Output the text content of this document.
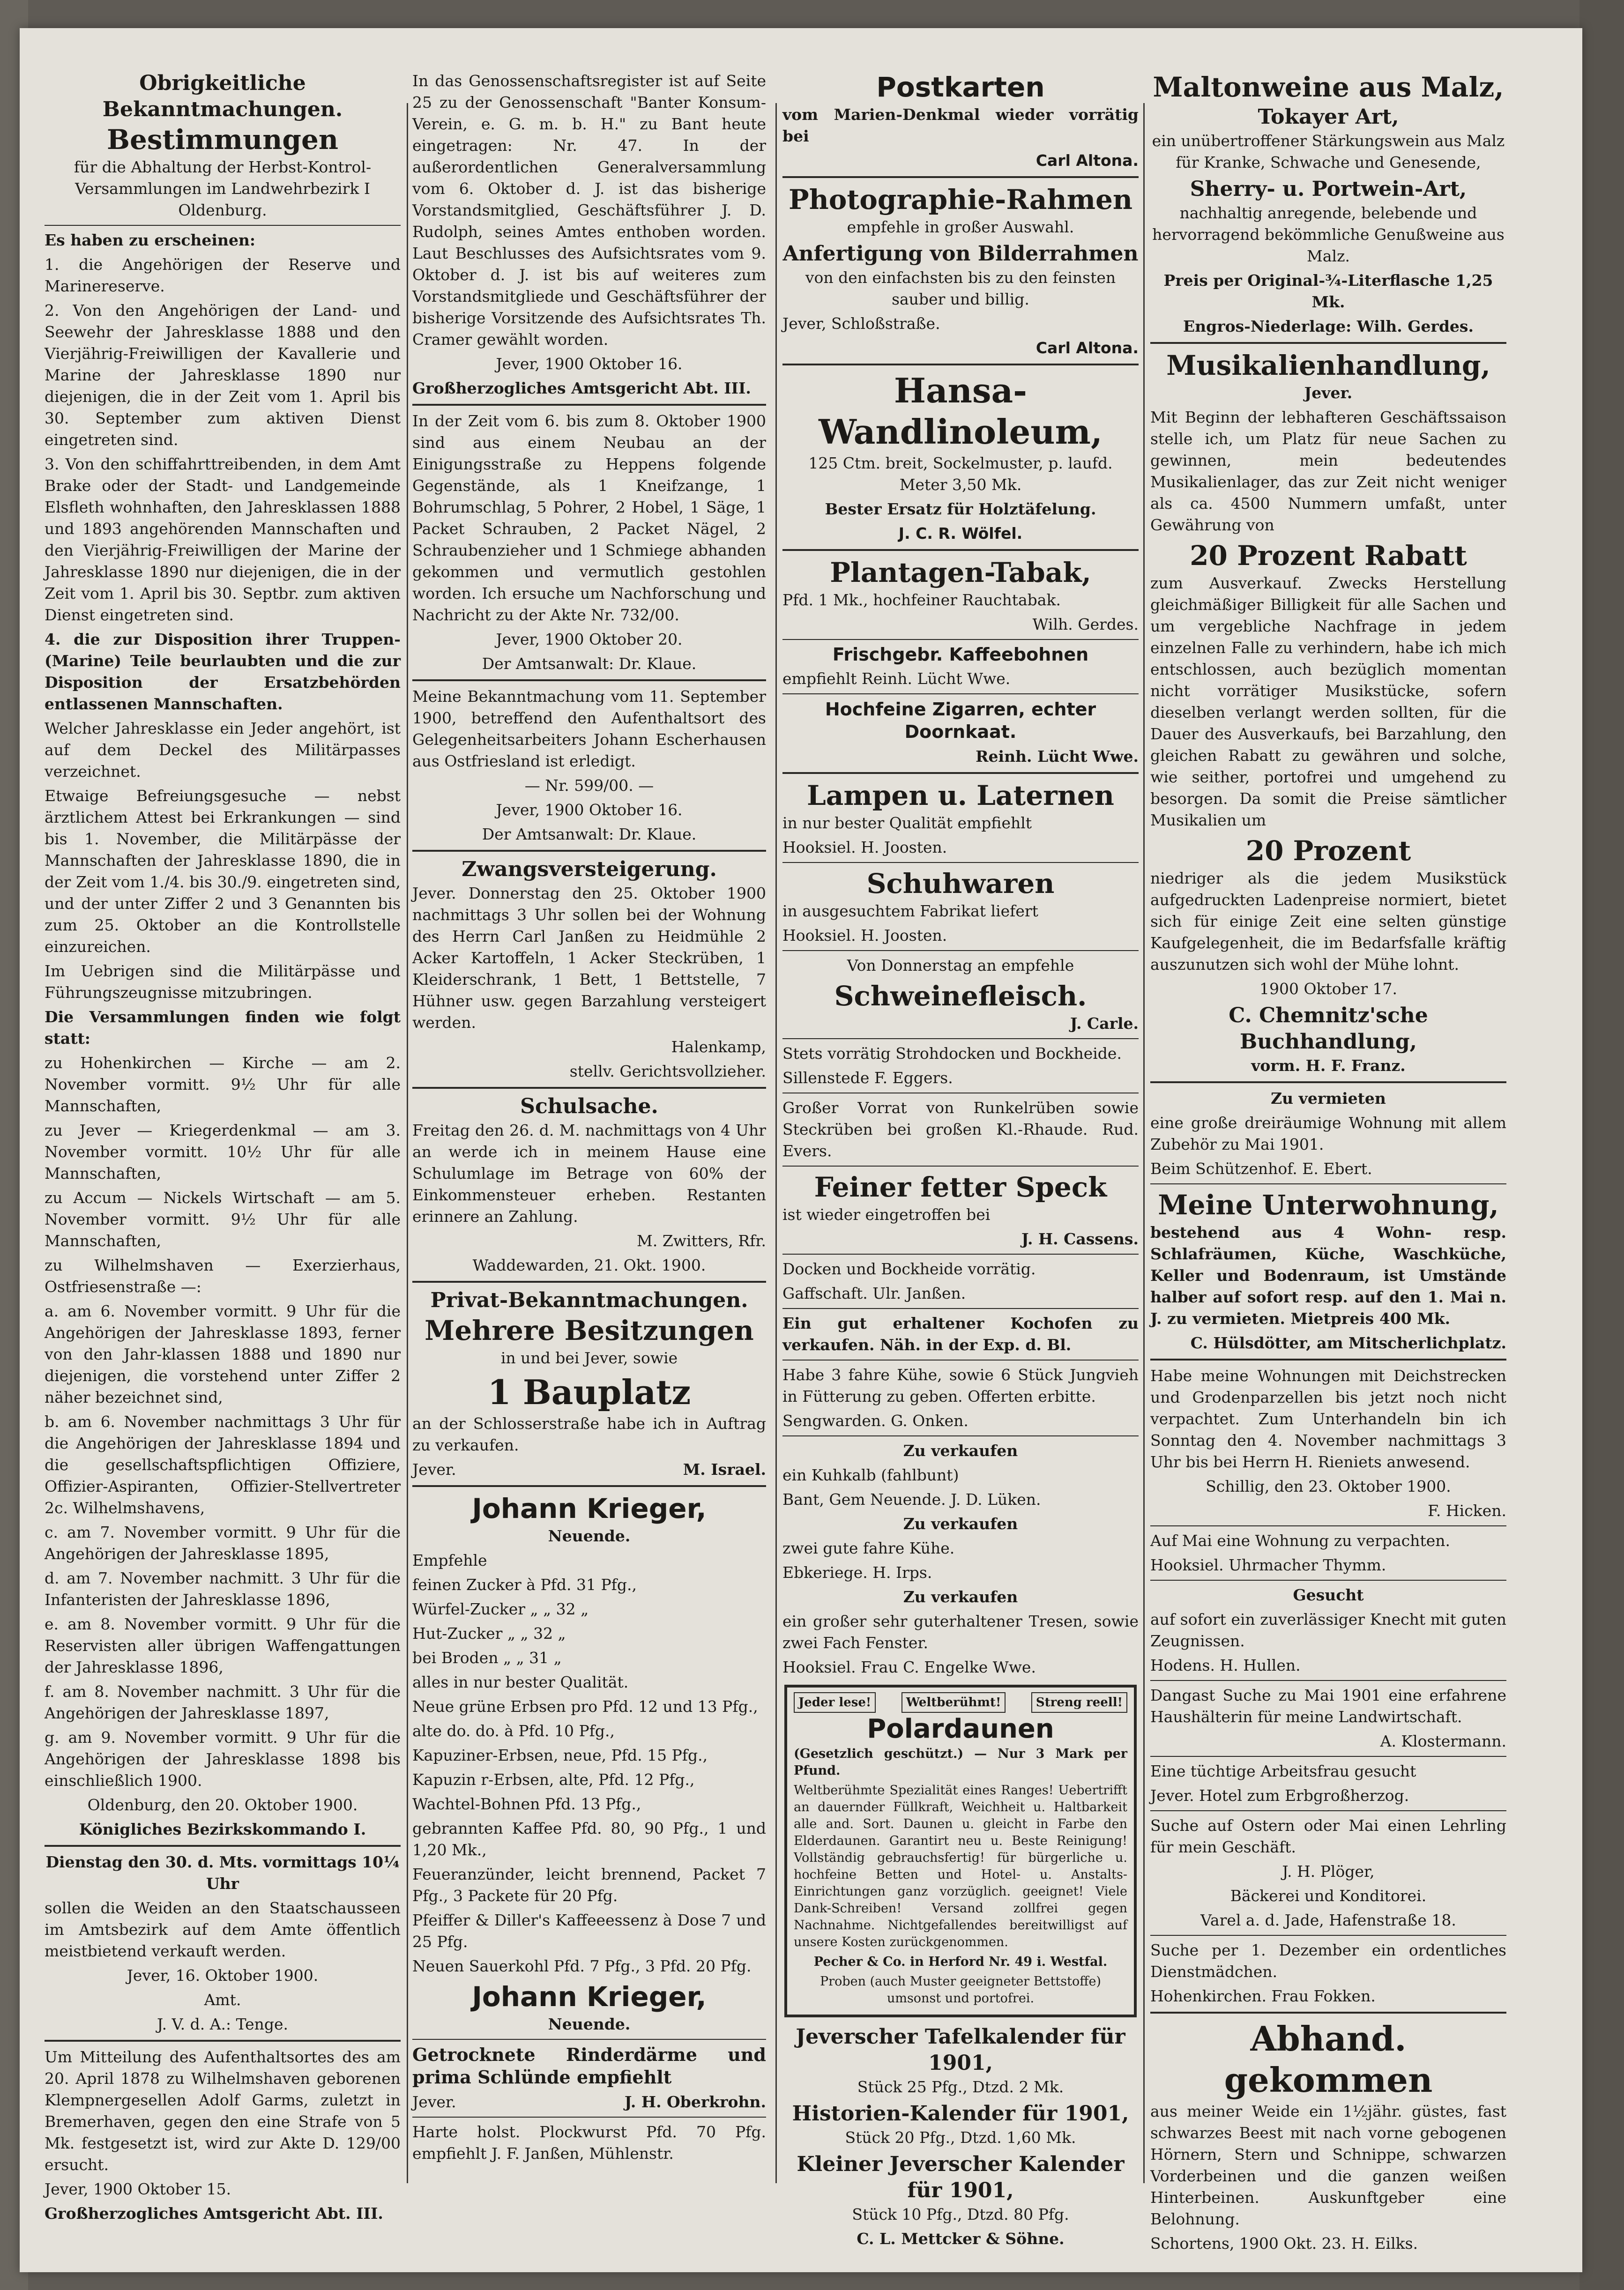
Obrigkeitliche Bekanntmachungen.
Bestimmungen

für die Abhaltung der Herbst-Kontrol-Versammlungen im Landwehrbezirk I Oldenburg.

Es haben zu erscheinen:

1. die Angehörigen der Reserve und Marinereserve.

2. Von den Angehörigen der Land- und Seewehr der Jahresklasse 1888 und den Vierjährig-Freiwilligen der Kavallerie und Marine der Jahresklasse 1890 nur diejenigen, die in der Zeit vom 1. April bis 30. September zum aktiven Dienst eingetreten sind.

3. Von den schiffahrttreibenden, in dem Amt Brake oder der Stadt- und Landgemeinde Elsfleth wohnhaften, den Jahresklassen 1888 und 1893 angehörenden Mannschaften und den Vierjährig-Freiwilligen der Marine der Jahresklasse 1890 nur diejenigen, die in der Zeit vom 1. April bis 30. Septbr. zum aktiven Dienst eingetreten sind.

4. die zur Disposition ihrer Truppen- (Marine) Teile beurlaubten und die zur Disposition der Ersatzbehörden entlassenen Mannschaften.

Welcher Jahresklasse ein Jeder angehört, ist auf dem Deckel des Militärpasses verzeichnet.

Etwaige Befreiungsgesuche — nebst ärztlichem Attest bei Erkrankungen — sind bis 1. November, die Militärpässe der Mannschaften der Jahresklasse 1890, die in der Zeit vom 1./4. bis 30./9. eingetreten sind, und der unter Ziffer 2 und 3 Genannten bis zum 25. Oktober an die Kontrollstelle einzureichen.

Im Uebrigen sind die Militärpässe und Führungszeugnisse mitzubringen.

Die Versammlungen finden wie folgt statt:

zu Hohenkirchen — Kirche — am 2. November vormitt. 9½ Uhr für alle Mannschaften,

zu Jever — Kriegerdenkmal — am 3. November vormitt. 10½ Uhr für alle Mannschaften,

zu Accum — Nickels Wirtschaft — am 5. November vormitt. 9½ Uhr für alle Mannschaften,

zu Wilhelmshaven — Exerzierhaus, Ostfriesenstraße —:

a. am 6. November vormitt. 9 Uhr für die Angehörigen der Jahresklasse 1893, ferner von den Jahr-klassen 1888 und 1890 nur diejenigen, die vorstehend unter Ziffer 2 näher bezeichnet sind,

b. am 6. November nachmittags 3 Uhr für die Angehörigen der Jahresklasse 1894 und die gesellschaftspflichtigen Offiziere, Offizier-Aspiranten, Offizier-Stellvertreter 2c. Wilhelmshavens,

c. am 7. November vormitt. 9 Uhr für die Angehörigen der Jahresklasse 1895,

d. am 7. November nachmitt. 3 Uhr für die Infanteristen der Jahresklasse 1896,

e. am 8. November vormitt. 9 Uhr für die Reservisten aller übrigen Waffengattungen der Jahresklasse 1896,

f. am 8. November nachmitt. 3 Uhr für die Angehörigen der Jahresklasse 1897,

g. am 9. November vormitt. 9 Uhr für die Angehörigen der Jahresklasse 1898 bis einschließlich 1900.

Oldenburg, den 20. Oktober 1900.

Königliches Bezirkskommando I.

Dienstag den 30. d. Mts. vormittags 10¼ Uhr

sollen die Weiden an den Staatschausseen im Amtsbezirk auf dem Amte öffentlich meistbietend verkauft werden.

Jever, 16. Oktober 1900.

Amt.

J. V. d. A.: Tenge.

Um Mitteilung des Aufenthaltsortes des am 20. April 1878 zu Wilhelmshaven geborenen Klempnergesellen Adolf Garms, zuletzt in Bremerhaven, gegen den eine Strafe von 5 Mk. festgesetzt ist, wird zur Akte D. 129/00 ersucht.

Jever, 1900 Oktober 15.

Großherzogliches Amtsgericht Abt. III.

In das Genossenschaftsregister ist auf Seite 25 zu der Genossenschaft "Banter Konsum-Verein, e. G. m. b. H." zu Bant heute eingetragen: Nr. 47. In der außerordentlichen Generalversammlung vom 6. Oktober d. J. ist das bisherige Vorstandsmitglied, Geschäftsführer J. D. Rudolph, seines Amtes enthoben worden. Laut Beschlusses des Aufsichtsrates vom 9. Oktober d. J. ist bis auf weiteres zum Vorstandsmitgliede und Geschäftsführer der bisherige Vorsitzende des Aufsichtsrates Th. Cramer gewählt worden.

Jever, 1900 Oktober 16.

Großherzogliches Amtsgericht Abt. III.

In der Zeit vom 6. bis zum 8. Oktober 1900 sind aus einem Neubau an der Einigungsstraße zu Heppens folgende Gegenstände, als 1 Kneifzange, 1 Bohrumschlag, 5 Pohrer, 2 Hobel, 1 Säge, 1 Packet Schrauben, 2 Packet Nägel, 2 Schraubenzieher und 1 Schmiege abhanden gekommen und vermutlich gestohlen worden. Ich ersuche um Nachforschung und Nachricht zu der Akte Nr. 732/00.

Jever, 1900 Oktober 20.

Der Amtsanwalt: Dr. Klaue.

Meine Bekanntmachung vom 11. September 1900, betreffend den Aufenthaltsort des Gelegenheitsarbeiters Johann Escherhausen aus Ostfriesland ist erledigt.

— Nr. 599/00. —

Jever, 1900 Oktober 16.

Der Amtsanwalt: Dr. Klaue.

Zwangsversteigerung.

Jever. Donnerstag den 25. Oktober 1900 nachmittags 3 Uhr sollen bei der Wohnung des Herrn Carl Janßen zu Heidmühle 2 Acker Kartoffeln, 1 Acker Steckrüben, 1 Kleiderschrank, 1 Bett, 1 Bettstelle, 7 Hühner usw. gegen Barzahlung versteigert werden.

Halenkamp,

stellv. Gerichtsvollzieher.

Schulsache.

Freitag den 26. d. M. nachmittags von 4 Uhr an werde ich in meinem Hause eine Schulumlage im Betrage von 60% der Einkommensteuer erheben. Restanten erinnere an Zahlung.

M. Zwitters, Rfr.

Waddewarden, 21. Okt. 1900.

Privat-Bekanntmachungen.
Mehrere Besitzungen

in und bei Jever, sowie

1 Bauplatz

an der Schlosserstraße habe ich in Auftrag zu verkaufen.

Jever.	M. Israel.
Johann Krieger,

Neuende.

Empfehle

feinen Zucker à Pfd. 31 Pfg.,

Würfel-Zucker „ „ 32 „

Hut-Zucker „ „ 32 „

bei Broden „ „ 31 „

alles in nur bester Qualität.

Neue grüne Erbsen pro Pfd. 12 und 13 Pfg.,

alte do. do. à Pfd. 10 Pfg.,

Kapuziner-Erbsen, neue, Pfd. 15 Pfg.,

Kapuzin r-Erbsen, alte, Pfd. 12 Pfg.,

Wachtel-Bohnen Pfd. 13 Pfg.,

gebrannten Kaffee Pfd. 80, 90 Pfg., 1 und 1,20 Mk.,

Feueranzünder, leicht brennend, Packet 7 Pfg., 3 Packete für 20 Pfg.

Pfeiffer & Diller's Kaffeeessenz à Dose 7 und 25 Pfg.

Neuen Sauerkohl Pfd. 7 Pfg., 3 Pfd. 20 Pfg.

Johann Krieger,

Neuende.

Getrocknete Rinderdärme und prima Schlünde empfiehlt

Jever.	J. H. Oberkrohn.

Harte holst. Plockwurst Pfd. 70 Pfg. empfiehlt J. F. Janßen, Mühlenstr.

Postkarten

vom Marien-Denkmal wieder vorrätig bei

Carl Altona.

Photographie-Rahmen

empfehle in großer Auswahl.

Anfertigung von Bilderrahmen

von den einfachsten bis zu den feinsten sauber und billig.

Jever, Schloßstraße.

Carl Altona.

Hansa-
Wandlinoleum,

125 Ctm. breit, Sockelmuster, p. laufd. Meter 3,50 Mk.

Bester Ersatz für Holztäfelung.

J. C. R. Wölfel.

Plantagen-Tabak,

Pfd. 1 Mk., hochfeiner Rauchtabak.

Wilh. Gerdes.

Frischgebr. Kaffeebohnen

empfiehlt Reinh. Lücht Wwe.

Hochfeine Zigarren, echter Doornkaat.

Reinh. Lücht Wwe.

Lampen u. Laternen

in nur bester Qualität empfiehlt

Hooksiel. H. Joosten.

Schuhwaren

in ausgesuchtem Fabrikat liefert

Hooksiel. H. Joosten.

Von Donnerstag an empfehle

Schweinefleisch.

J. Carle.

Stets vorrätig Strohdocken und Bockheide.

Sillenstede F. Eggers.

Großer Vorrat von Runkelrüben sowie Steckrüben bei großen Kl.-Rhaude. Rud. Evers.

Feiner fetter Speck

ist wieder eingetroffen bei

J. H. Cassens.

Docken und Bockheide vorrätig.

Gaffschaft. Ulr. Janßen.

Ein gut erhaltener Kochofen zu verkaufen. Näh. in der Exp. d. Bl.

Habe 3 fahre Kühe, sowie 6 Stück Jungvieh in Fütterung zu geben. Offerten erbitte.

Sengwarden. G. Onken.

Zu verkaufen

ein Kuhkalb (fahlbunt)

Bant, Gem Neuende. J. D. Lüken.

Zu verkaufen

zwei gute fahre Kühe.

Ebkeriege. H. Irps.

Zu verkaufen

ein großer sehr guterhaltener Tresen, sowie zwei Fach Fenster.

Hooksiel. Frau C. Engelke Wwe.

Jeder lese!	Weltberühmt!	Streng reell!
Polardaunen

(Gesetzlich geschützt.) — Nur 3 Mark per Pfund.

Weltberühmte Spezialität eines Ranges! Uebertrifft an dauernder Füllkraft, Weichheit u. Haltbarkeit alle and. Sort. Daunen u. gleicht in Farbe den Elderdaunen. Garantirt neu u. Beste Reinigung! Vollständig gebrauchsfertig! für bürgerliche u. hochfeine Betten und Hotel- u. Anstalts-Einrichtungen ganz vorzüglich. geeignet! Viele Dank-Schreiben! Versand zollfrei gegen Nachnahme. Nichtgefallendes bereitwilligst auf unsere Kosten zurückgenommen.

Pecher & Co. in Herford Nr. 49 i. Westfal.

Proben (auch Muster geeigneter Bettstoffe) umsonst und portofrei.

Jeverscher Tafelkalender für 1901,

Stück 25 Pfg., Dtzd. 2 Mk.

Historien-Kalender für 1901,

Stück 20 Pfg., Dtzd. 1,60 Mk.

Kleiner Jeverscher Kalender für 1901,

Stück 10 Pfg., Dtzd. 80 Pfg.

C. L. Mettcker & Söhne.

Maltonweine aus Malz,
Tokayer Art,

ein unübertroffener Stärkungswein aus Malz für Kranke, Schwache und Genesende,

Sherry- u. Portwein-Art,

nachhaltig anregende, belebende und hervorragend bekömmliche Genußweine aus Malz.

Preis per Original-¾-Literflasche 1,25 Mk.

Engros-Niederlage: Wilh. Gerdes.

Musikalienhandlung,

Jever.

Mit Beginn der lebhafteren Geschäftssaison stelle ich, um Platz für neue Sachen zu gewinnen, mein bedeutendes Musikalienlager, das zur Zeit nicht weniger als ca. 4500 Nummern umfaßt, unter Gewährung von

20 Prozent Rabatt

zum Ausverkauf. Zwecks Herstellung gleichmäßiger Billigkeit für alle Sachen und um vergebliche Nachfrage in jedem einzelnen Falle zu verhindern, habe ich mich entschlossen, auch bezüglich momentan nicht vorrätiger Musikstücke, sofern dieselben verlangt werden sollten, für die Dauer des Ausverkaufs, bei Barzahlung, den gleichen Rabatt zu gewähren und solche, wie seither, portofrei und umgehend zu besorgen. Da somit die Preise sämtlicher Musikalien um

20 Prozent

niedriger als die jedem Musikstück aufgedruckten Ladenpreise normiert, bietet sich für einige Zeit eine selten günstige Kaufgelegenheit, die im Bedarfsfalle kräftig auszunutzen sich wohl der Mühe lohnt.

1900 Oktober 17.

C. Chemnitz'sche Buchhandlung,

vorm. H. F. Franz.

Zu vermieten

eine große dreiräumige Wohnung mit allem Zubehör zu Mai 1901.

Beim Schützenhof. E. Ebert.

Meine Unterwohnung,

bestehend aus 4 Wohn- resp. Schlafräumen, Küche, Waschküche, Keller und Bodenraum, ist Umstände halber auf sofort resp. auf den 1. Mai n. J. zu vermieten. Mietpreis 400 Mk.

C. Hülsdötter, am Mitscherlichplatz.

Habe meine Wohnungen mit Deichstrecken und Grodenparzellen bis jetzt noch nicht verpachtet. Zum Unterhandeln bin ich Sonntag den 4. November nachmittags 3 Uhr bis bei Herrn H. Rieniets anwesend.

Schillig, den 23. Oktober 1900.

F. Hicken.

Auf Mai eine Wohnung zu verpachten.

Hooksiel. Uhrmacher Thymm.

Gesucht

auf sofort ein zuverlässiger Knecht mit guten Zeugnissen.

Hodens. H. Hullen.

Dangast Suche zu Mai 1901 eine erfahrene Haushälterin für meine Landwirtschaft.

A. Klostermann.

Eine tüchtige Arbeitsfrau gesucht

Jever. Hotel zum Erbgroßherzog.

Suche auf Ostern oder Mai einen Lehrling für mein Geschäft.

J. H. Plöger,

Bäckerei und Konditorei.

Varel a. d. Jade, Hafenstraße 18.

Suche per 1. Dezember ein ordentliches Dienstmädchen.

Hohenkirchen. Frau Fokken.

Abhand. gekommen

aus meiner Weide ein 1½jähr. güstes, fast schwarzes Beest mit nach vorne gebogenen Hörnern, Stern und Schnippe, schwarzen Vorderbeinen und die ganzen weißen Hinterbeinen. Auskunftgeber eine Belohnung.

Schortens, 1900 Okt. 23. H. Eilks.
